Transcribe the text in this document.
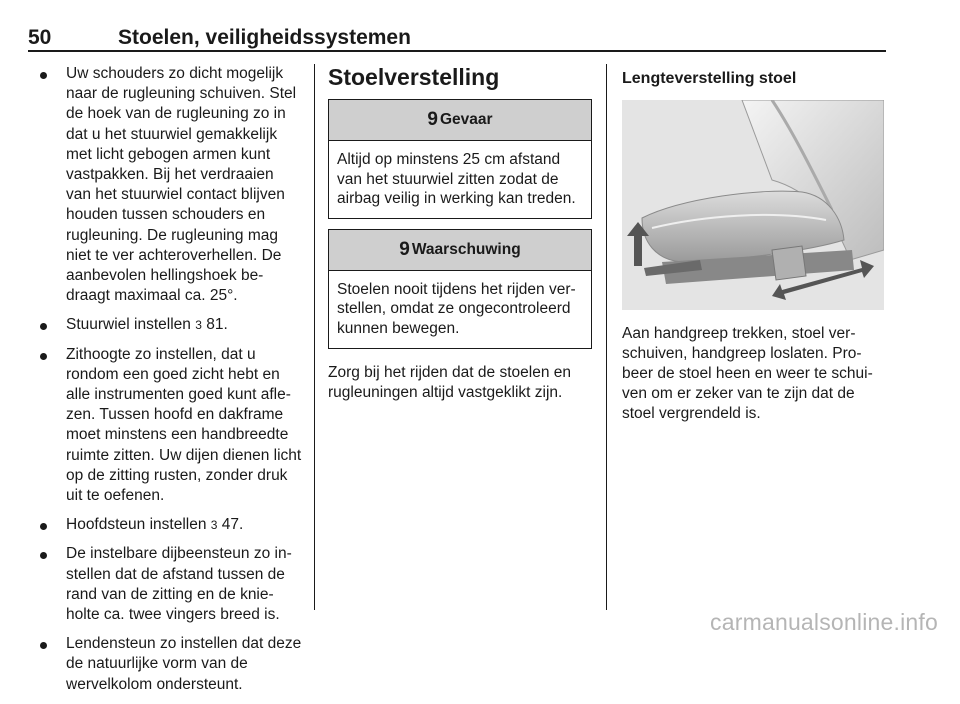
50	Stoelen, veiligheidssystemen
Uw schouders zo dicht mogelijk naar de rugleuning schuiven. Stel de hoek van de rugleuning zo in dat u het stuurwiel gemakkelijk met licht gebogen armen kunt vastpakken. Bij het verdraaien van het stuurwiel contact blijven houden tussen schouders en rugleuning. De rugleuning mag niet te ver achteroverhellen. De aanbevolen hellingshoek be-draagt maximaal ca. 25°.
Stuurwiel instellen 3 81.
Zithoogte zo instellen, dat u rondom een goed zicht hebt en alle instrumenten goed kunt afle-zen. Tussen hoofd en dakframe moet minstens een handbreedte ruimte zitten. Uw dijen dienen licht op de zitting rusten, zonder druk uit te oefenen.
Hoofdsteun instellen 3 47.
De instelbare dijbeensteun zo in-stellen dat de afstand tussen de rand van de zitting en de knie-holte ca. twee vingers breed is.
Lendensteun zo instellen dat deze de natuurlijke vorm van de wervelkolom ondersteunt.
Stoelverstelling
9 Gevaar
Altijd op minstens 25 cm afstand van het stuurwiel zitten zodat de airbag veilig in werking kan treden.
9 Waarschuwing
Stoelen nooit tijdens het rijden ver-stellen, omdat ze ongecontroleerd kunnen bewegen.

Zorg bij het rijden dat de stoelen en rugleuningen altijd vastgeklikt zijn.

Lengteverstelling stoel

Aan handgreep trekken, stoel ver-schuiven, handgreep loslaten. Pro-beer de stoel heen en weer te schui-ven om er zeker van te zijn dat de stoel vergrendeld is.

carmanualsonline.info
